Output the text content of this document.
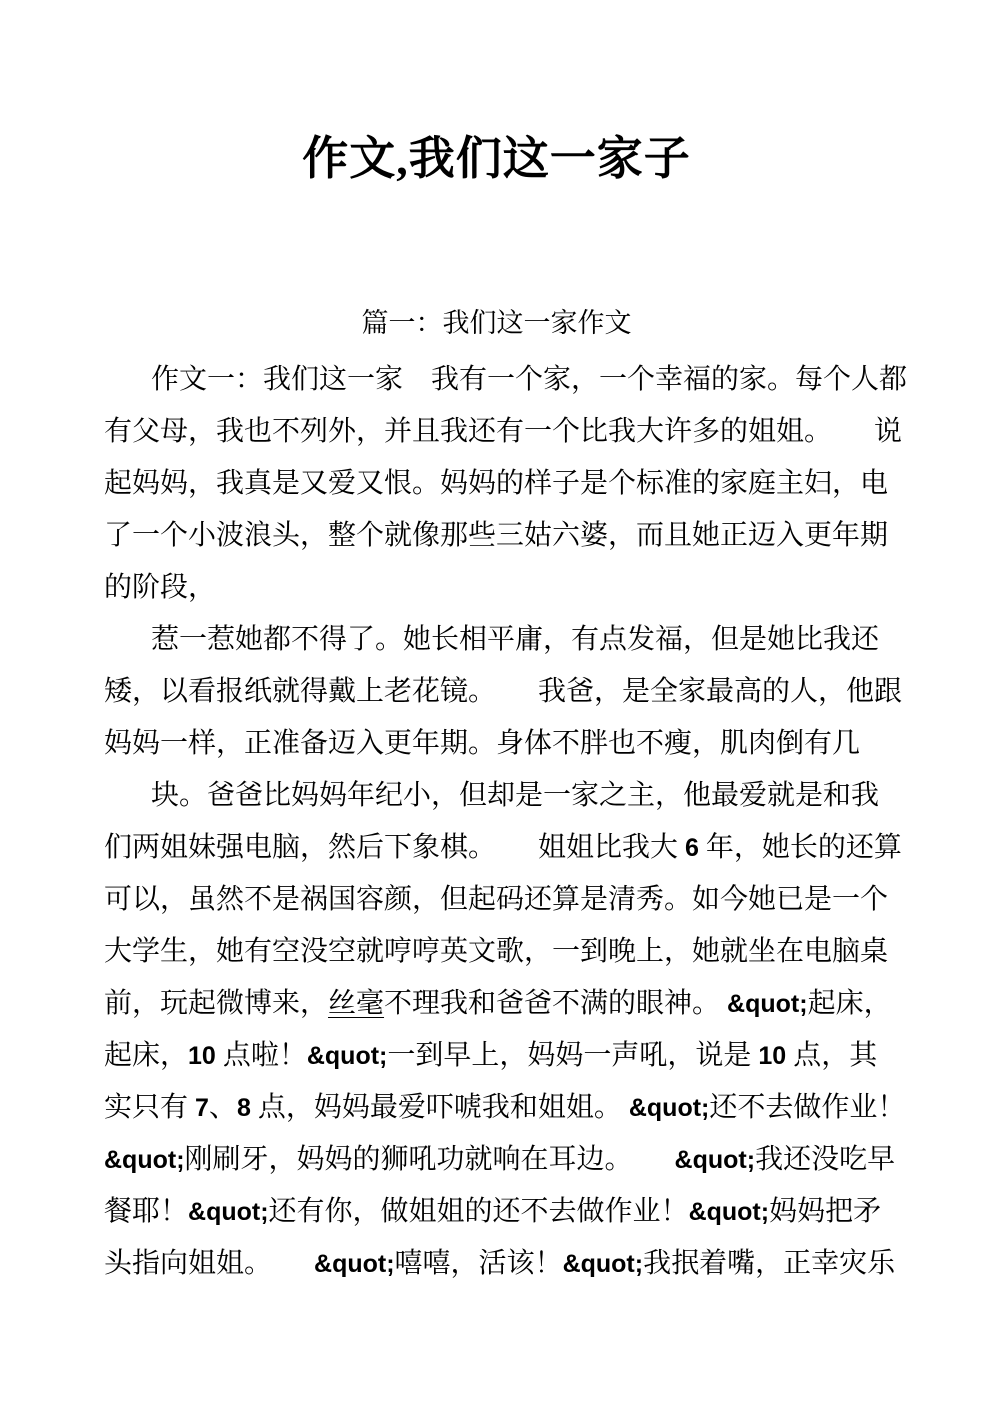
作文,我们这一家子
篇一：我们这一家作文
作文一：我们这一家　我有一个家，一个幸福的家。每个人都
有父母，我也不列外，并且我还有一个比我大许多的姐姐。　　说
起妈妈，我真是又爱又恨。妈妈的样子是个标准的家庭主妇，电
了一个小波浪头，整个就像那些三姑六婆，而且她正迈入更年期
的阶段，
惹一惹她都不得了。她长相平庸，有点发福，但是她比我还
矮，以看报纸就得戴上老花镜。　　我爸，是全家最高的人，他跟
妈妈一样，正准备迈入更年期。身体不胖也不瘦，肌肉倒有几
块。爸爸比妈妈年纪小，但却是一家之主，他最爱就是和我
们两姐妹强电脑，然后下象棋。　　姐姐比我大 6 年，她长的还算
可以，虽然不是祸国容颜，但起码还算是清秀。如今她已是一个
大学生，她有空没空就哼哼英文歌，一到晚上，她就坐在电脑桌
前，玩起微博来，丝毫不理我和爸爸不满的眼神。 &quot;起床，
起床，10 点啦！&quot;一到早上，妈妈一声吼，说是 10 点，其
实只有 7、8 点，妈妈最爱吓唬我和姐姐。 &quot;还不去做作业！
&quot;刚刷牙，妈妈的狮吼功就响在耳边。　　&quot;我还没吃早
餐耶！&quot;还有你，做姐姐的还不去做作业！&quot;妈妈把矛
头指向姐姐。　　&quot;嘻嘻，活该！&quot;我抿着嘴，正幸灾乐
